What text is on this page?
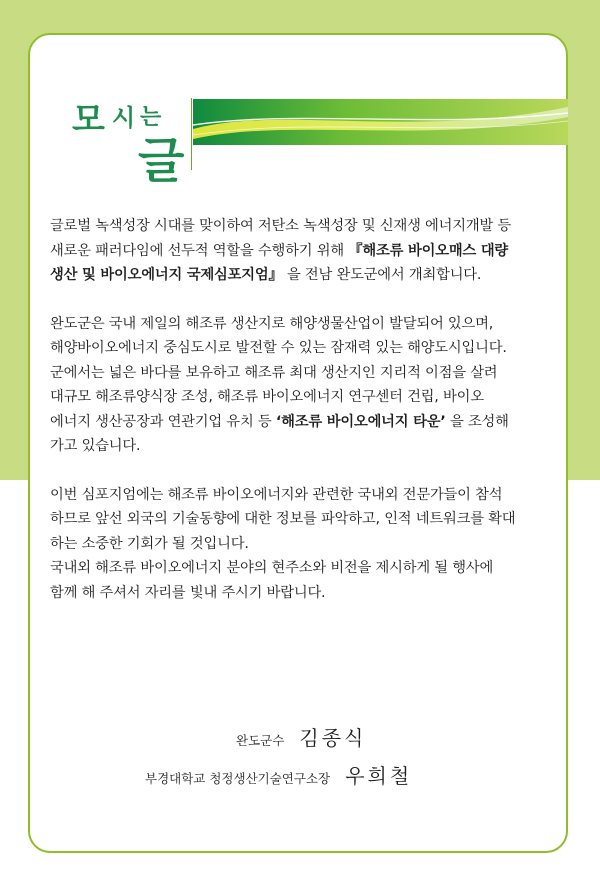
모 시 는
글
글로벌 녹색성장 시대를 맞이하여 저탄소 녹색성장 및 신재생 에너지개발 등
새로운 패러다임에 선두적 역할을 수행하기 위해 『해조류 바이오매스 대량
생산 및 바이오에너지 국제심포지엄』 을 전남 완도군에서 개최합니다.
완도군은 국내 제일의 해조류 생산지로 해양생물산업이 발달되어 있으며,
해양바이오에너지 중심도시로 발전할 수 있는 잠재력 있는 해양도시입니다.
군에서는 넓은 바다를 보유하고 해조류 최대 생산지인 지리적 이점을 살려
대규모 해조류양식장 조성, 해조류 바이오에너지 연구센터 건립, 바이오
에너지 생산공장과 연관기업 유치 등 ‘해조류 바이오에너지 타운’ 을 조성해
가고 있습니다.
이번 심포지엄에는 해조류 바이오에너지와 관련한 국내외 전문가들이 참석
하므로 앞선 외국의 기술동향에 대한 정보를 파악하고, 인적 네트워크를 확대
하는 소중한 기회가 될 것입니다.
국내외 해조류 바이오에너지 분야의 현주소와 비전을 제시하게 될 행사에
함께 해 주셔서 자리를 빛내 주시기 바랍니다.
완도군수 김종식
부경대학교 청정생산기술연구소장 우희철
